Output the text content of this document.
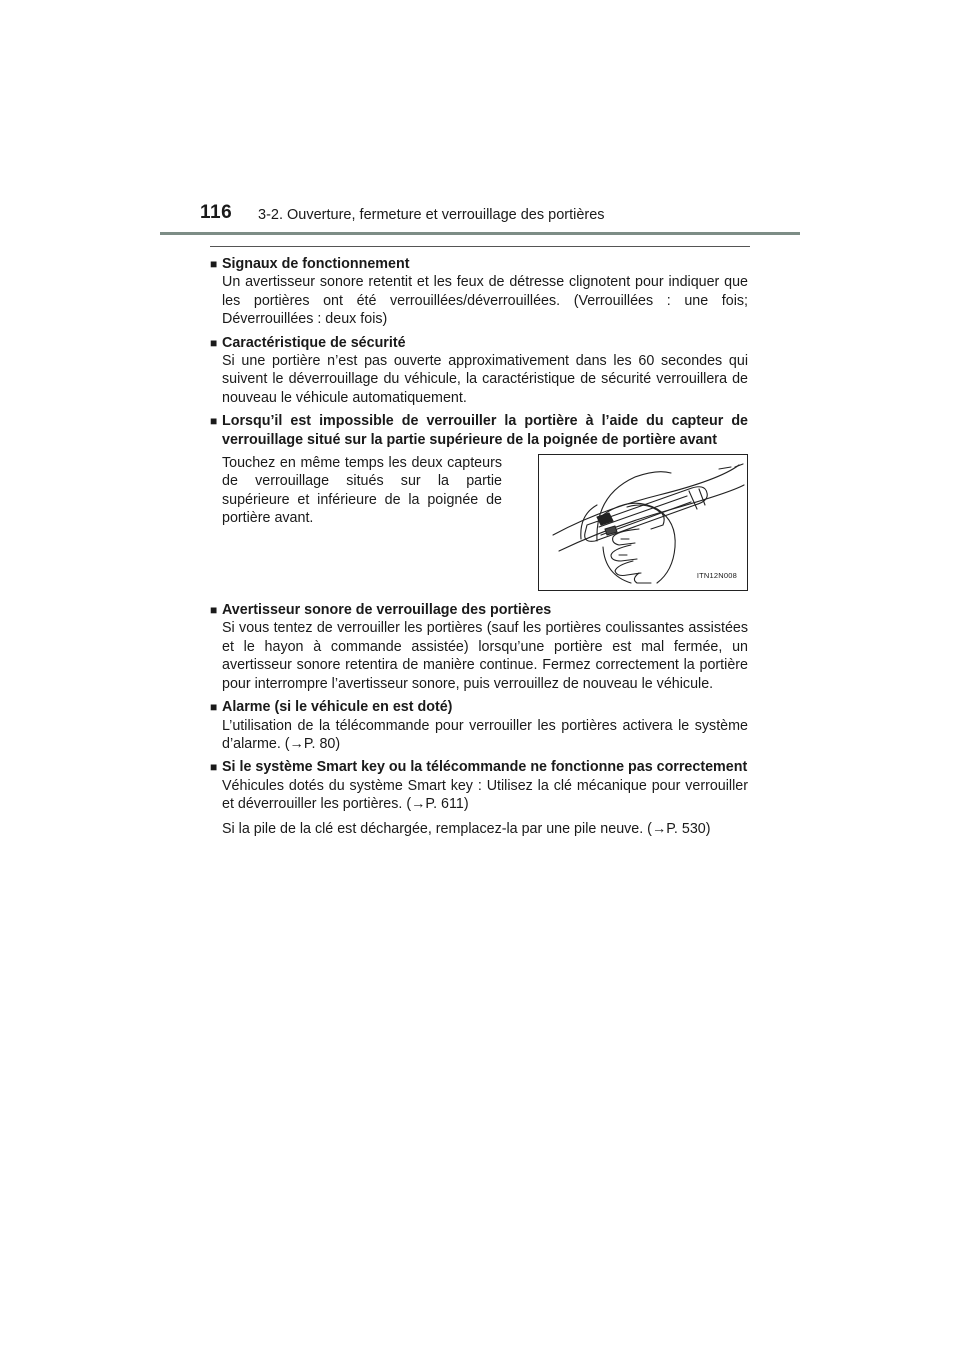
116 3-2. Ouverture, fermeture et verrouillage des portières
■ Signaux de fonctionnement
Un avertisseur sonore retentit et les feux de détresse clignotent pour indiquer que les portières ont été verrouillées/déverrouillées. (Verrouillées : une fois; Déverrouillées : deux fois)
■ Caractéristique de sécurité
Si une portière n’est pas ouverte approximativement dans les 60 secondes qui suivent le déverrouillage du véhicule, la caractéristique de sécurité verrouillera de nouveau le véhicule automatiquement.
■ Lorsqu’il est impossible de verrouiller la portière à l’aide du capteur de verrouillage situé sur la partie supérieure de la poignée de portière avant
Touchez en même temps les deux capteurs de verrouillage situés sur la partie supérieure et inférieure de la poignée de portière avant.
ITN12N008
■ Avertisseur sonore de verrouillage des portières
Si vous tentez de verrouiller les portières (sauf les portières coulissantes assistées et le hayon à commande assistée) lorsqu’une portière est mal fermée, un avertisseur sonore retentira de manière continue. Fermez correctement la portière pour interrompre l’avertisseur sonore, puis verrouillez de nouveau le véhicule.
■ Alarme (si le véhicule en est doté)
L’utilisation de la télécommande pour verrouiller les portières activera le système d’alarme. (→P. 80)
■ Si le système Smart key ou la télécommande ne fonctionne pas correctement
Véhicules dotés du système Smart key : Utilisez la clé mécanique pour verrouiller et déverrouiller les portières. (→P. 611)
Si la pile de la clé est déchargée, remplacez-la par une pile neuve. (→P. 530)
